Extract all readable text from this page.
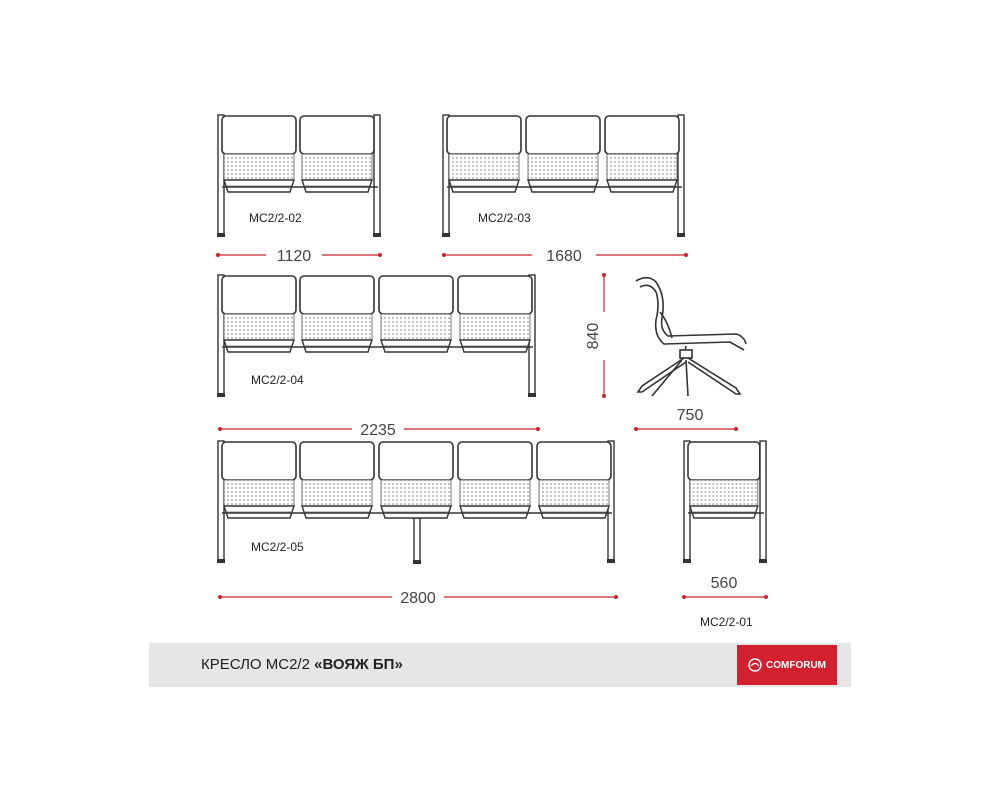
MC2/2-02
1120
MC2/2-03
1680
MC2/2-04
2235
840
750
MC2/2-05
2800
560
MC2/2-01
КРЕСЛО MC2/2 «ВОЯЖ БП»	COMFORUM
